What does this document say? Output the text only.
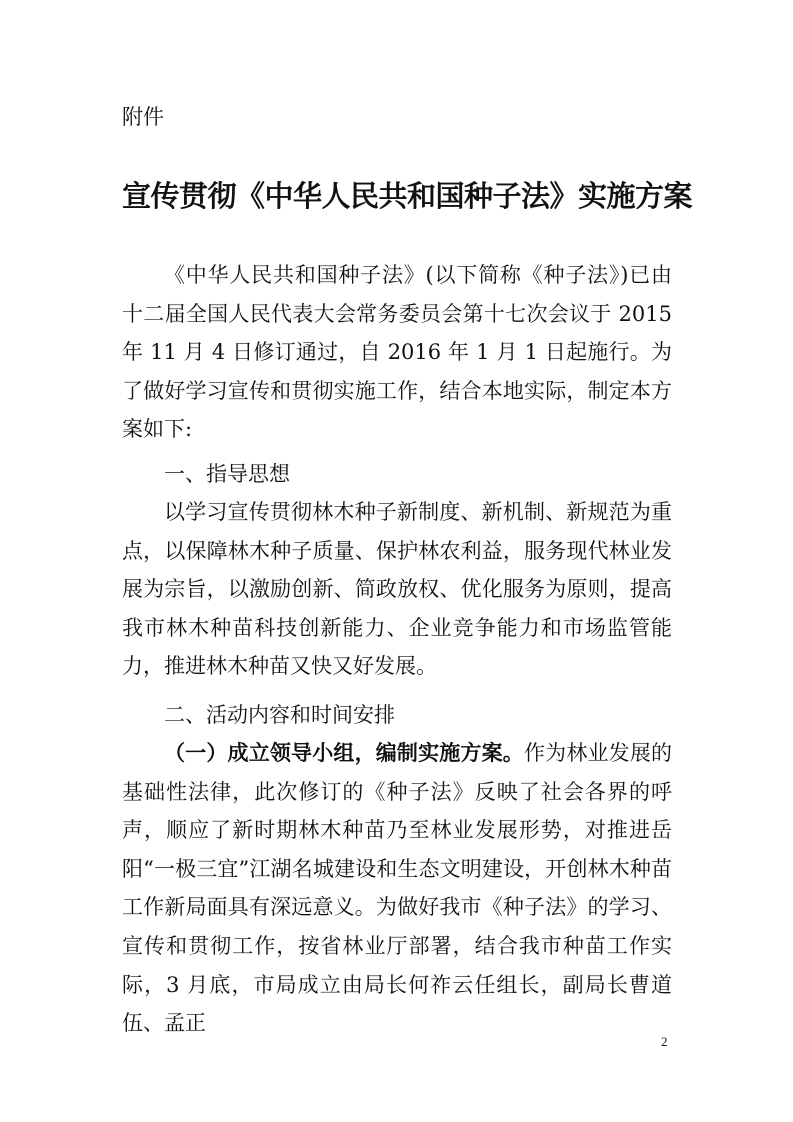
附件
宣传贯彻《中华人民共和国种子法》实施方案
《中华人民共和国种子法》(以下简称《种子法》)已由十二届全国人民代表大会常务委员会第十七次会议于 2015 年 11 月 4 日修订通过，自 2016 年 1 月 1 日起施行。为了做好学习宣传和贯彻实施工作，结合本地实际，制定本方案如下:
一、指导思想
以学习宣传贯彻林木种子新制度、新机制、新规范为重点，以保障林木种子质量、保护林农利益，服务现代林业发展为宗旨，以激励创新、简政放权、优化服务为原则，提高我市林木种苗科技创新能力、企业竞争能力和市场监管能力，推进林木种苗又快又好发展。
二、活动内容和时间安排
（一）成立领导小组，编制实施方案。作为林业发展的基础性法律，此次修订的《种子法》反映了社会各界的呼声，顺应了新时期林木种苗乃至林业发展形势，对推进岳阳“一极三宜”江湖名城建设和生态文明建设，开创林木种苗工作新局面具有深远意义。为做好我市《种子法》的学习、宣传和贯彻工作，按省林业厅部署，结合我市种苗工作实际，3 月底，市局成立由局长何祚云任组长，副局长曹道伍、孟正
2
